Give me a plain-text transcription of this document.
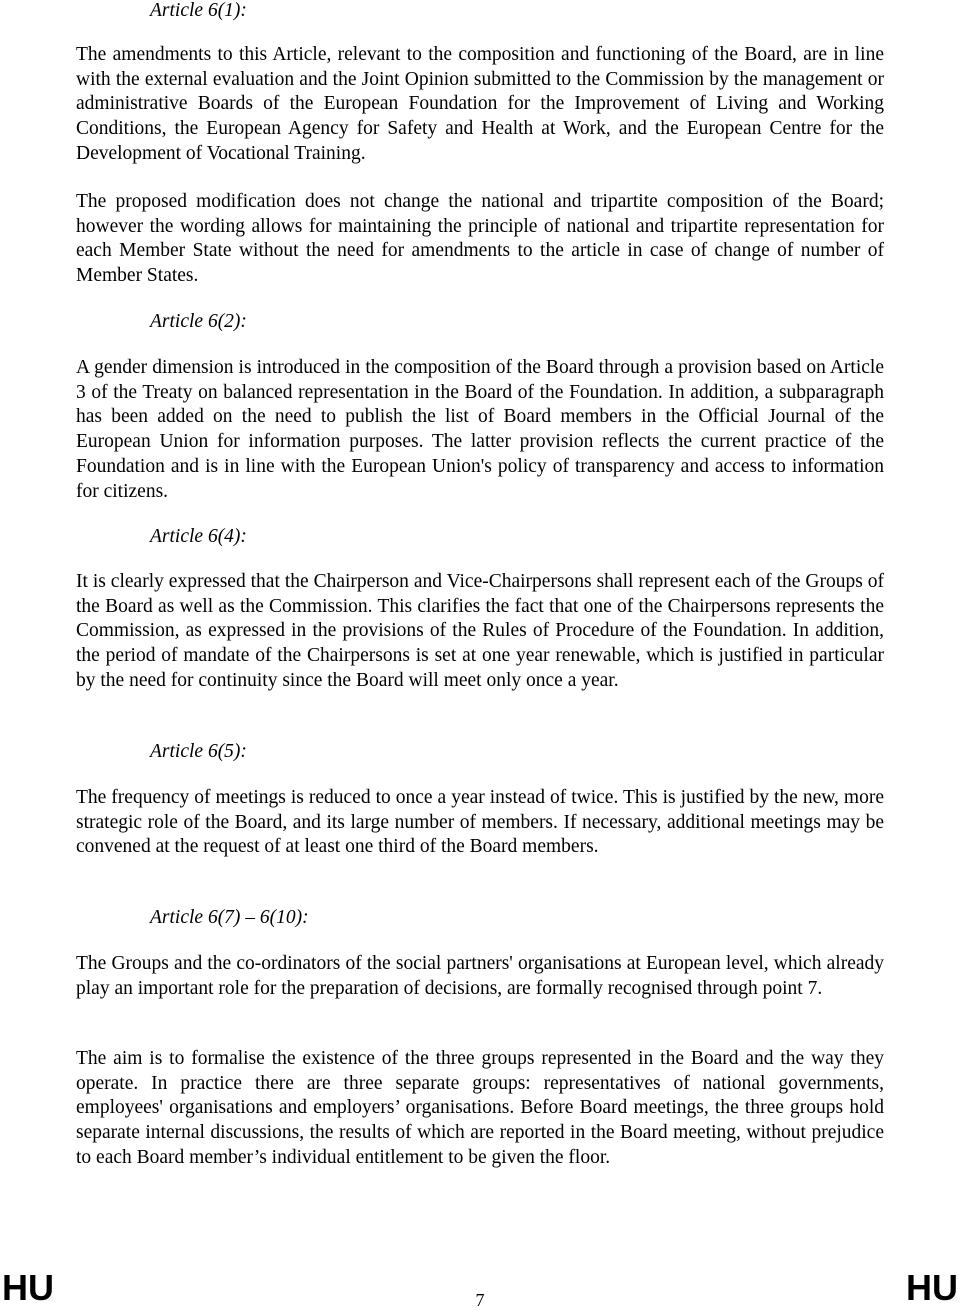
Article 6(1):

The amendments to this Article, relevant to the composition and functioning of the Board, are in line with the external evaluation and the Joint Opinion submitted to the Commission by the management or administrative Boards of the European Foundation for the Improvement of Living and Working Conditions, the European Agency for Safety and Health at Work, and the European Centre for the Development of Vocational Training.

The proposed modification does not change the national and tripartite composition of the Board; however the wording allows for maintaining the principle of national and tripartite representation for each Member State without the need for amendments to the article in case of change of number of Member States.

Article 6(2):

A gender dimension is introduced in the composition of the Board through a provision based on Article 3 of the Treaty on balanced representation in the Board of the Foundation. In addition, a subparagraph has been added on the need to publish the list of Board members in the Official Journal of the European Union for information purposes. The latter provision reflects the current practice of the Foundation and is in line with the European Union's policy of transparency and access to information for citizens.

Article 6(4):

It is clearly expressed that the Chairperson and Vice-Chairpersons shall represent each of the Groups of the Board as well as the Commission. This clarifies the fact that one of the Chairpersons represents the Commission, as expressed in the provisions of the Rules of Procedure of the Foundation. In addition, the period of mandate of the Chairpersons is set at one year renewable, which is justified in particular by the need for continuity since the Board will meet only once a year.

Article 6(5):

The frequency of meetings is reduced to once a year instead of twice. This is justified by the new, more strategic role of the Board, and its large number of members. If necessary, additional meetings may be convened at the request of at least one third of the Board members.

Article 6(7) – 6(10):

The Groups and the co-ordinators of the social partners' organisations at European level, which already play an important role for the preparation of decisions, are formally recognised through point 7.

The aim is to formalise the existence of the three groups represented in the Board and the way they operate. In practice there are three separate groups: representatives of national governments, employees' organisations and employers’ organisations. Before Board meetings, the three groups hold separate internal discussions, the results of which are reported in the Board meeting, without prejudice to each Board member’s individual entitlement to be given the floor.

HU	7	HU
